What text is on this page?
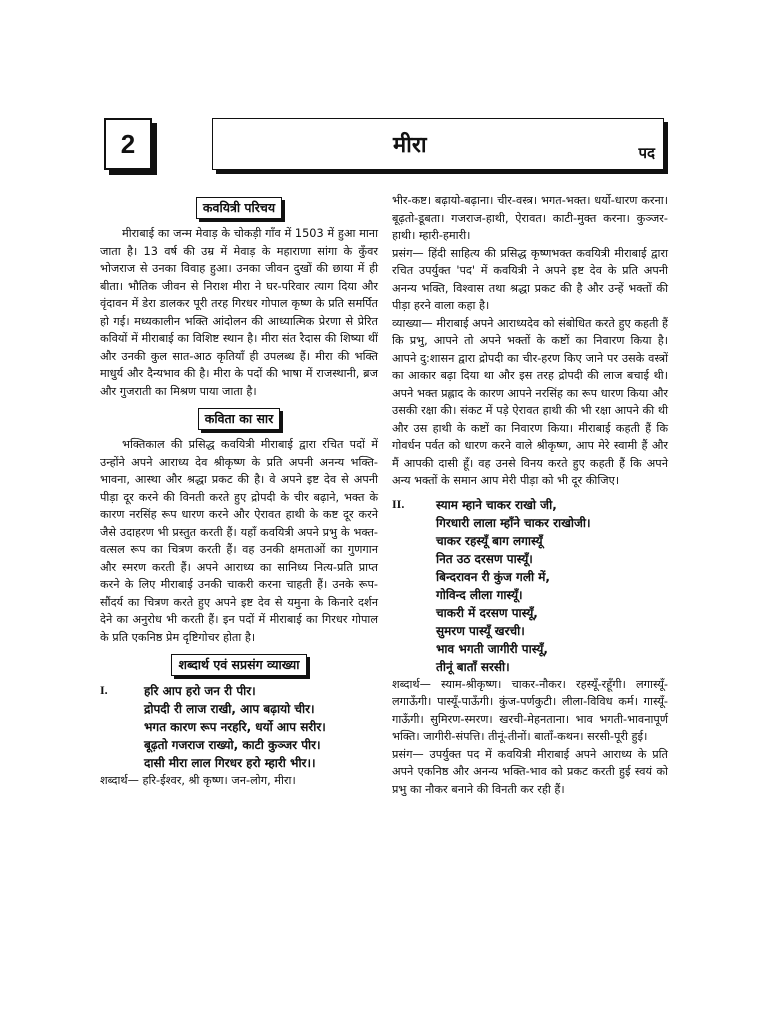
2	मीरा	पद
कवयित्री परिचय

मीराबाई का जन्म मेवाड़ के चोकड़ी गाँव में 1503 में हुआ माना जाता है। 13 वर्ष की उम्र में मेवाड़ के महाराणा सांगा के कुँवर भोजराज से उनका विवाह हुआ। उनका जीवन दुखों की छाया में ही बीता। भौतिक जीवन से निराश मीरा ने घर-परिवार त्याग दिया और वृंदावन में डेरा डालकर पूरी तरह गिरधर गोपाल कृष्ण के प्रति समर्पित हो गई। मध्यकालीन भक्ति आंदोलन की आध्यात्मिक प्रेरणा से प्रेरित कवियों में मीराबाई का विशिष्ट स्थान है। मीरा संत रैदास की शिष्या थीं और उनकी कुल सात-आठ कृतियाँ ही उपलब्ध हैं। मीरा की भक्ति माधुर्य और दैन्यभाव की है। मीरा के पदों की भाषा में राजस्थानी, ब्रज और गुजराती का मिश्रण पाया जाता है।

कविता का सार

भक्तिकाल की प्रसिद्ध कवयित्री मीराबाई द्वारा रचित पदों में उन्होंने अपने आराध्य देव श्रीकृष्ण के प्रति अपनी अनन्य भक्ति-भावना, आस्था और श्रद्धा प्रकट की है। वे अपने इष्ट देव से अपनी पीड़ा दूर करने की विनती करते हुए द्रोपदी के चीर बढ़ाने, भक्त के कारण नरसिंह रूप धारण करने और ऐरावत हाथी के कष्ट दूर करने जैसे उदाहरण भी प्रस्तुत करती हैं। यहाँ कवयित्री अपने प्रभु के भक्त-वत्सल रूप का चित्रण करती हैं। वह उनकी क्षमताओं का गुणगान और स्मरण करती हैं। अपने आराध्य का सानिध्य नित्य-प्रति प्राप्त करने के लिए मीराबाई उनकी चाकरी करना चाहती हैं। उनके रूप-सौंदर्य का चित्रण करते हुए अपने इष्ट देव से यमुना के किनारे दर्शन देने का अनुरोध भी करती हैं। इन पदों में मीराबाई का गिरधर गोपाल के प्रति एकनिष्ठ प्रेम दृष्टिगोचर होता है।

शब्दार्थ एवं सप्रसंग व्याख्या
I.	हरि आप हरो जन री पीर।
द्रोपदी री लाज राखी, आप बढ़ायो चीर।
भगत कारण रूप नरहरि, धर्यो आप सरीर।
बूढ़तो गजराज राख्यो, काटी कुञ्जर पीर।
दासी मीरा लाल गिरधर हरो म्हारी भीर।।

शब्दार्थ— हरि-ईश्वर, श्री कृष्ण। जन-लोग, मीरा।

भीर-कष्ट। बढ़ायो-बढ़ाना। चीर-वस्त्र। भगत-भक्त। धर्यो-धारण करना। बूढ़तो-डूबता। गजराज-हाथी, ऐरावत। काटी-मुक्त करना। कुञ्जर-हाथी। म्हारी-हमारी।

प्रसंग— हिंदी साहित्य की प्रसिद्ध कृष्णभक्त कवयित्री मीराबाई द्वारा रचित उपर्युक्त 'पद' में कवयित्री ने अपने इष्ट देव के प्रति अपनी अनन्य भक्ति, विश्वास तथा श्रद्धा प्रकट की है और उन्हें भक्तों की पीड़ा हरने वाला कहा है।

व्याख्या— मीराबाई अपने आराध्यदेव को संबोधित करते हुए कहती हैं कि प्रभु, आपने तो अपने भक्तों के कष्टों का निवारण किया है। आपने दु:शासन द्वारा द्रोपदी का चीर-हरण किए जाने पर उसके वस्त्रों का आकार बढ़ा दिया था और इस तरह द्रोपदी की लाज बचाई थी। अपने भक्त प्रह्लाद के कारण आपने नरसिंह का रूप धारण किया और उसकी रक्षा की। संकट में पड़े ऐरावत हाथी की भी रक्षा आपने की थी और उस हाथी के कष्टों का निवारण किया। मीराबाई कहती हैं कि गोवर्धन पर्वत को धारण करने वाले श्रीकृष्ण, आप मेरे स्वामी हैं और मैं आपकी दासी हूँ। वह उनसे विनय करते हुए कहती हैं कि अपने अन्य भक्तों के समान आप मेरी पीड़ा को भी दूर कीजिए।

II.	स्याम म्हाने चाकर राखो जी,
गिरधारी लाला म्हाँने चाकर राखोजी।
चाकर रहस्यूँ बाग लगास्यूँ
नित उठ दरसण पास्यूँ।
बिन्दरावन री कुंज गली में,
गोविन्द लीला गास्यूँ।
चाकरी में दरसण पास्यूँ,
सुमरण पास्यूँ खरची।
भाव भगती जागीरी पास्यूँ,
तीनूं बाताँ सरसी।

शब्दार्थ— स्याम-श्रीकृष्ण। चाकर-नौकर। रहस्यूँ-रहूँगी। लगास्यूँ-लगाऊँगी। पास्यूँ-पाऊँगी। कुंज-पर्णकुटी। लीला-विविध कर्म। गास्यूँ-गाऊँगी। सुमिरण-स्मरण। खरची-मेहनताना। भाव भगती-भावनापूर्ण भक्ति। जागीरी-संपत्ति। तीनूं-तीनों। बाताँ-कथन। सरसी-पूरी हुई।

प्रसंग— उपर्युक्त पद में कवयित्री मीराबाई अपने आराध्य के प्रति अपने एकनिष्ठ और अनन्य भक्ति-भाव को प्रकट करती हुई स्वयं को प्रभु का नौकर बनाने की विनती कर रही हैं।
